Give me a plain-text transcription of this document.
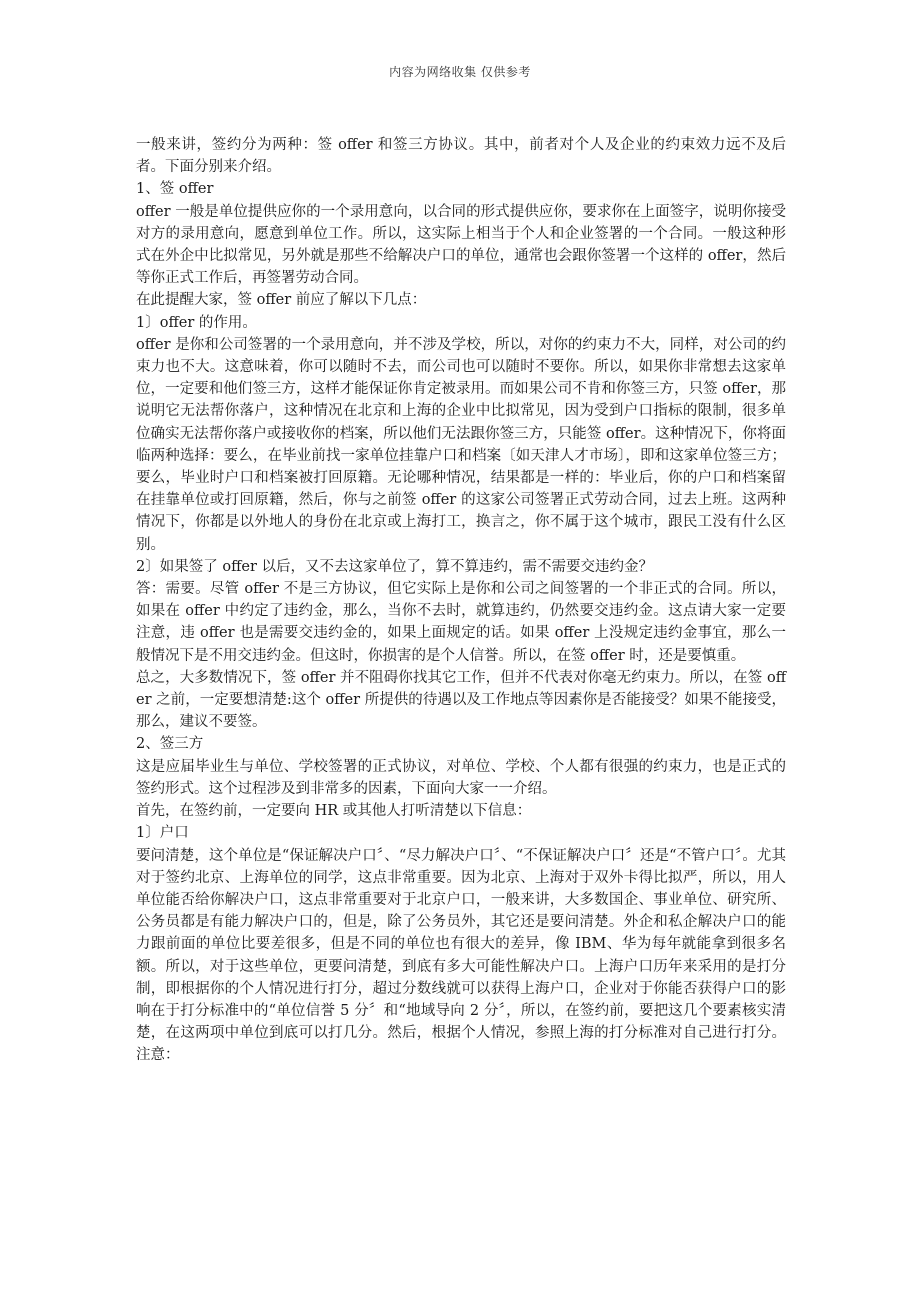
内容为网络收集 仅供参考

一般来讲，签约分为两种：签 offer 和签三方协议。其中，前者对个人及企业的约束效力远不及后者。下面分别来介绍。

1、签 offer

offer 一般是单位提供应你的一个录用意向，以合同的形式提供应你，要求你在上面签字，说明你接受对方的录用意向，愿意到单位工作。所以，这实际上相当于个人和企业签署的一个合同。一般这种形式在外企中比拟常见，另外就是那些不给解决户口的单位，通常也会跟你签署一个这样的 offer，然后等你正式工作后，再签署劳动合同。

在此提醒大家，签 offer 前应了解以下几点：

1〕offer 的作用。

offer 是你和公司签署的一个录用意向，并不涉及学校，所以，对你的约束力不大，同样，对公司的约束力也不大。这意味着，你可以随时不去，而公司也可以随时不要你。所以，如果你非常想去这家单位，一定要和他们签三方，这样才能保证你肯定被录用。而如果公司不肯和你签三方，只签 offer，那说明它无法帮你落户，这种情况在北京和上海的企业中比拟常见，因为受到户口指标的限制，很多单位确实无法帮你落户或接收你的档案，所以他们无法跟你签三方，只能签 offer。这种情况下，你将面临两种选择：要么，在毕业前找一家单位挂靠户口和档案〔如天津人才市场〕，即和这家单位签三方；要么，毕业时户口和档案被打回原籍。无论哪种情况，结果都是一样的：毕业后，你的户口和档案留在挂靠单位或打回原籍，然后，你与之前签 offer 的这家公司签署正式劳动合同，过去上班。这两种情况下，你都是以外地人的身份在北京或上海打工，换言之，你不属于这个城市，跟民工没有什么区别。

2〕如果签了 offer 以后，又不去这家单位了，算不算违约，需不需要交违约金？

答：需要。尽管 offer 不是三方协议，但它实际上是你和公司之间签署的一个非正式的合同。所以，如果在 offer 中约定了违约金，那么，当你不去时，就算违约，仍然要交违约金。这点请大家一定要注意，违 offer 也是需要交违约金的，如果上面规定的话。如果 offer 上没规定违约金事宜，那么一般情况下是不用交违约金。但这时，你损害的是个人信誉。所以，在签 offer 时，还是要慎重。

总之，大多数情况下，签 offer 并不阻碍你找其它工作，但并不代表对你毫无约束力。所以，在签 offer 之前，一定要想清楚:这个 offer 所提供的待遇以及工作地点等因素你是否能接受？如果不能接受，那么，建议不要签。

2、签三方

这是应届毕业生与单位、学校签署的正式协议，对单位、学校、个人都有很强的约束力，也是正式的签约形式。这个过程涉及到非常多的因素，下面向大家一一介绍。

首先，在签约前，一定要向 HR 或其他人打听清楚以下信息：

1〕户口

要问清楚，这个单位是“保证解决户口〞、“尽力解决户口〞、“不保证解决户口〞还是“不管户口〞。尤其对于签约北京、上海单位的同学，这点非常重要。因为北京、上海对于双外卡得比拟严，所以，用人单位能否给你解决户口，这点非常重要对于北京户口，一般来讲，大多数国企、事业单位、研究所、公务员都是有能力解决户口的，但是，除了公务员外，其它还是要问清楚。外企和私企解决户口的能力跟前面的单位比要差很多，但是不同的单位也有很大的差异，像 IBM、华为每年就能拿到很多名额。所以，对于这些单位，更要问清楚，到底有多大可能性解决户口。上海户口历年来采用的是打分制，即根据你的个人情况进行打分，超过分数线就可以获得上海户口，企业对于你能否获得户口的影响在于打分标准中的“单位信誉 5 分〞和“地域导向 2 分〞，所以，在签约前，要把这几个要素核实清楚，在这两项中单位到底可以打几分。然后，根据个人情况，参照上海的打分标准对自己进行打分。注意：
